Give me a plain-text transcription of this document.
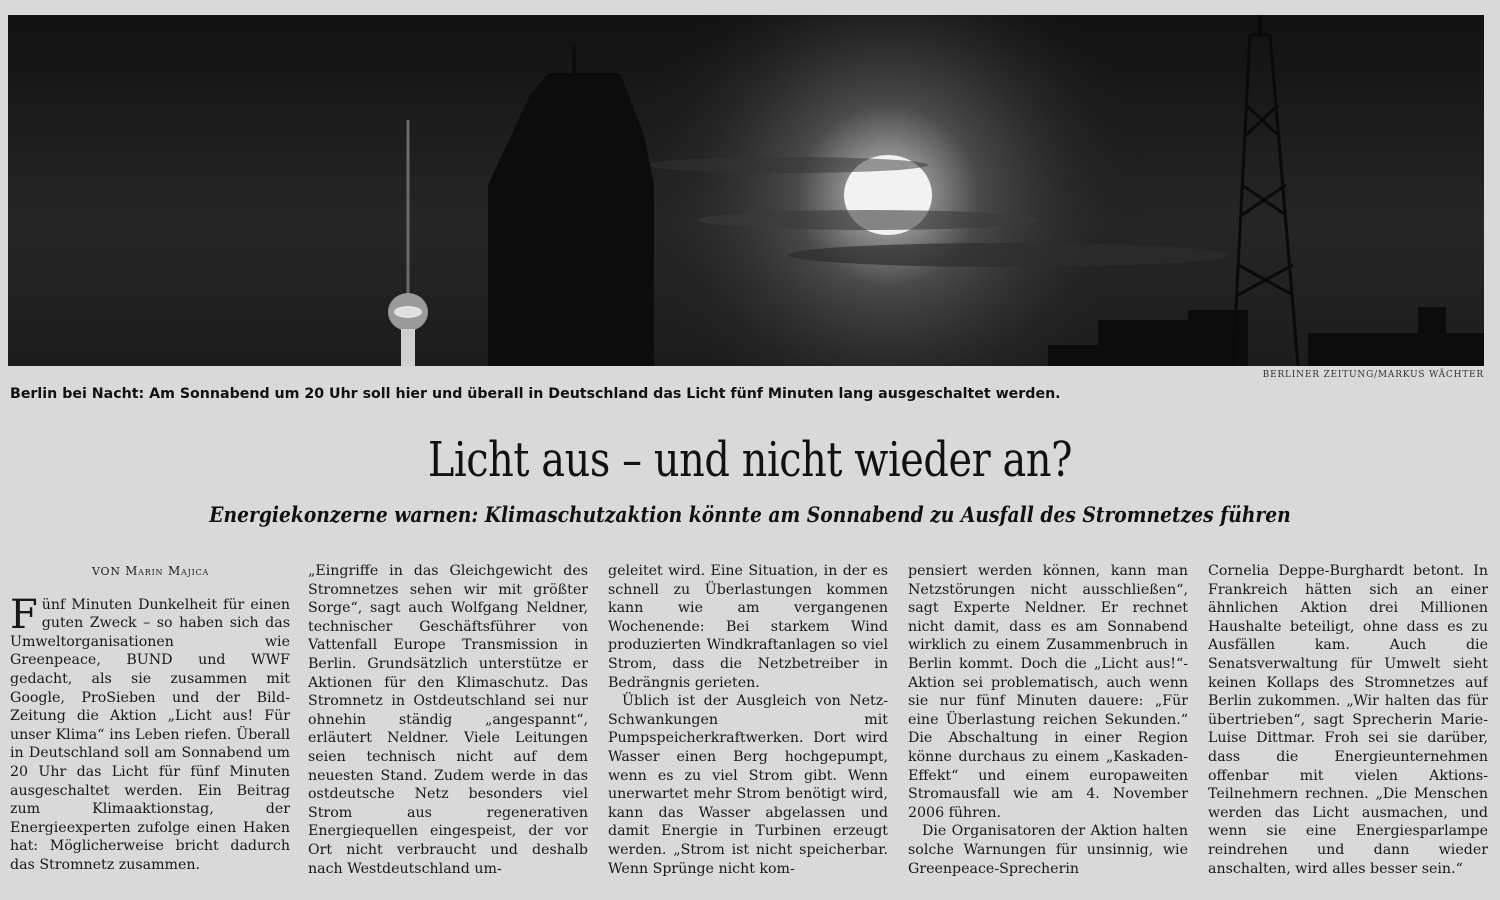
BERLINER ZEITUNG/MARKUS WÄCHTER
Berlin bei Nacht: Am Sonnabend um 20 Uhr soll hier und überall in Deutschland das Licht fünf Minuten lang ausgeschaltet werden.
Licht aus – und nicht wieder an?
Energiekonzerne warnen: Klimaschutzaktion könnte am Sonnabend zu Ausfall des Stromnetzes führen
VON Marin Majica

Fünf Minuten Dunkelheit für einen guten Zweck – so haben sich das Umweltorganisationen wie Greenpeace, BUND und WWF gedacht, als sie zusammen mit Google, ProSieben und der Bild-Zeitung die Aktion „Licht aus! Für unser Klima“ ins Leben riefen. Überall in Deutschland soll am Sonnabend um 20 Uhr das Licht für fünf Minuten ausgeschaltet werden. Ein Beitrag zum Klimaaktionstag, der Energieexperten zufolge einen Haken hat: Möglicherweise bricht dadurch das Stromnetz zusammen.

„Eingriffe in das Gleichgewicht des Stromnetzes sehen wir mit größter Sorge“, sagt auch Wolfgang Neldner, technischer Geschäftsführer von Vattenfall Europe Transmission in Berlin. Grundsätzlich unterstütze er Aktionen für den Klimaschutz. Das Stromnetz in Ostdeutschland sei nur ohnehin ständig „angespannt“, erläutert Neldner. Viele Leitungen seien technisch nicht auf dem neuesten Stand. Zudem werde in das ostdeutsche Netz besonders viel Strom aus regenerativen Energiequellen eingespeist, der vor Ort nicht verbraucht und deshalb nach Westdeutschland um-

geleitet wird. Eine Situation, in der es schnell zu Überlastungen kommen kann wie am vergangenen Wochenende: Bei starkem Wind produzierten Windkraftanlagen so viel Strom, dass die Netzbetreiber in Bedrängnis gerieten.

Üblich ist der Ausgleich von Netz-Schwankungen mit Pumpspeicherkraftwerken. Dort wird Wasser einen Berg hochgepumpt, wenn es zu viel Strom gibt. Wenn unerwartet mehr Strom benötigt wird, kann das Wasser abgelassen und damit Energie in Turbinen erzeugt werden. „Strom ist nicht speicherbar. Wenn Sprünge nicht kom-

pensiert werden können, kann man Netzstörungen nicht ausschließen“, sagt Experte Neldner. Er rechnet nicht damit, dass es am Sonnabend wirklich zu einem Zusammenbruch in Berlin kommt. Doch die „Licht aus!“-Aktion sei problematisch, auch wenn sie nur fünf Minuten dauere: „Für eine Überlastung reichen Sekunden.“ Die Abschaltung in einer Region könne durchaus zu einem „Kaskaden-Effekt“ und einem europaweiten Stromausfall wie am 4. November 2006 führen.

Die Organisatoren der Aktion halten solche Warnungen für unsinnig, wie Greenpeace-Sprecherin

Cornelia Deppe-Burghardt betont. In Frankreich hätten sich an einer ähnlichen Aktion drei Millionen Haushalte beteiligt, ohne dass es zu Ausfällen kam. Auch die Senatsverwaltung für Umwelt sieht keinen Kollaps des Stromnetzes auf Berlin zukommen. „Wir halten das für übertrieben“, sagt Sprecherin Marie-Luise Dittmar. Froh sei sie darüber, dass die Energieunternehmen offenbar mit vielen Aktions-Teilnehmern rechnen. „Die Menschen werden das Licht ausmachen, und wenn sie eine Energiesparlampe reindrehen und dann wieder anschalten, wird alles besser sein.“
